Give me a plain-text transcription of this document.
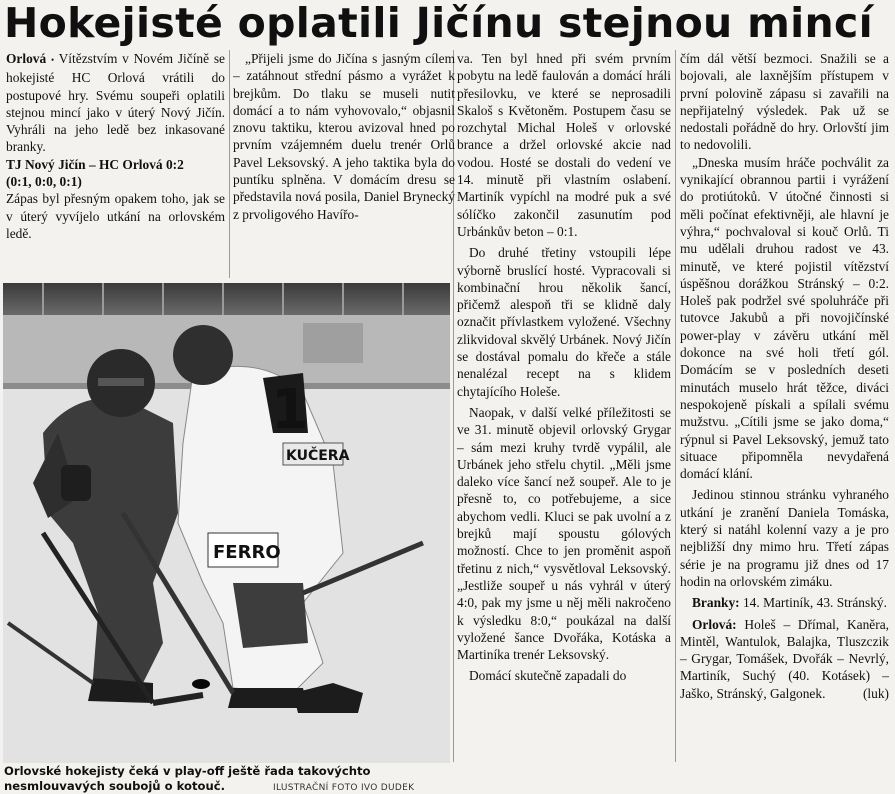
Hokejisté oplatili Jičínu stejnou mincí

Orlová • Vítězstvím v Novém Jičíně se hokejisté HC Orlová vrátili do postupové hry. Svému soupeři oplatili stejnou mincí jako v úterý Nový Jičín. Vyhráli na jeho ledě bez inkasované branky.

TJ Nový Jičín – HC Orlová 0:2

(0:1, 0:0, 0:1)

Zápas byl přesným opakem toho, jak se v úterý vyvíjelo utkání na orlovském ledě.

„Přijeli jsme do Jičína s jasným cílem – zatáhnout střední pásmo a vyrážet k brejkům. Do tlaku se museli nutit domácí a to nám vyhovovalo,“ objasnil znovu taktiku, kterou avizoval hned po prvním vzájemném duelu trenér Orlů Pavel Leksovský. A jeho taktika byla do puntíku splněna. V domácím dresu se představila nová posila, Daniel Brynecký z prvoligového Havířo-

va. Ten byl hned při svém prvním pobytu na ledě faulován a domácí hráli přesilovku, ve které se neprosadili Skaloš s Květoněm. Postupem času se rozchytal Michal Holeš v orlovské brance a držel orlovské akcie nad vodou. Hosté se dostali do vedení ve 14. minutě při vlastním oslabení. Martiník vypíchl na modré puk a své sólíčko zakončil zasunutím pod Urbánkův beton – 0:1.

Do druhé třetiny vstoupili lépe výborně bruslící hosté. Vypracovali si kombinační hrou několik šancí, přičemž alespoň tři se klidně daly označit přívlastkem vyložené. Všechny zlikvidoval skvělý Urbánek. Nový Jičín se dostával pomalu do křeče a stále nenalézal recept na s klidem chytajícího Holeše.

Naopak, v další velké příležitosti se ve 31. minutě objevil orlovský Grygar – sám mezi kruhy tvrdě vypálil, ale Urbánek jeho střelu chytil. „Měli jsme daleko více šancí než soupeř. Ale to je přesně to, co potřebujeme, a sice abychom vedli. Kluci se pak uvolní a z brejků mají spoustu gólových možností. Chce to jen proměnit aspoň třetinu z nich,“ vysvětloval Leksovský. „Jestliže soupeř u nás vyhrál v úterý 4:0, pak my jsme u něj měli nakročeno k výsledku 8:0,“ poukázal na další vyložené šance Dvořáka, Kotáska a Martiníka trenér Leksovský.

Domácí skutečně zapadali do

čím dál větší bezmoci. Snažili se a bojovali, ale laxnějším přístupem v první polovině zápasu si zavařili na nepřijatelný výsledek. Pak už se nedostali pořádně do hry. Orlovští jim to nedovolili.

„Dneska musím hráče pochválit za vynikající obrannou partii i vyrážení do protiútoků. V útočné činnosti si měli počínat efektivněji, ale hlavní je výhra,“ pochvaloval si kouč Orlů. Ti mu udělali druhou radost ve 43. minutě, ve které pojistil vítězství úspěšnou dorážkou Stránský – 0:2. Holeš pak podržel své spoluhráče při tutovce Jakubů a při novojičínské power-play v závěru utkání měl dokonce na své holi třetí gól. Domácím se v posledních deseti minutách muselo hrát těžce, diváci nespokojeně pískali a spílali svému mužstvu. „Cítili jsme se jako doma,“ rýpnul si Pavel Leksovský, jemuž tato situace připomněla nevydařená domácí klání.

Jedinou stinnou stránku vyhraného utkání je zranění Daniela Tomáska, který si natáhl kolenní vazy a je pro nejbližší dny mimo hru. Třetí zápas série je na programu již dnes od 17 hodin na orlovském zimáku.

Branky: 14. Martiník, 43. Stránský.

Orlová: Holeš – Dřímal, Kaněra, Mintěl, Wantulok, Balajka, Tluszczik – Grygar, Tomášek, Dvořák – Nevrlý, Martiník, Suchý (40. Kotásek) – Jaško, Stránský, Galgonek.	(luk)

KUČERA
1
FERRO
Orlovské hokejisty čeká v play-off ještě řada takovýchto nesmlouvavých soubojů o kotouč.	ILUSTRAČNÍ FOTO IVO DUDEK
